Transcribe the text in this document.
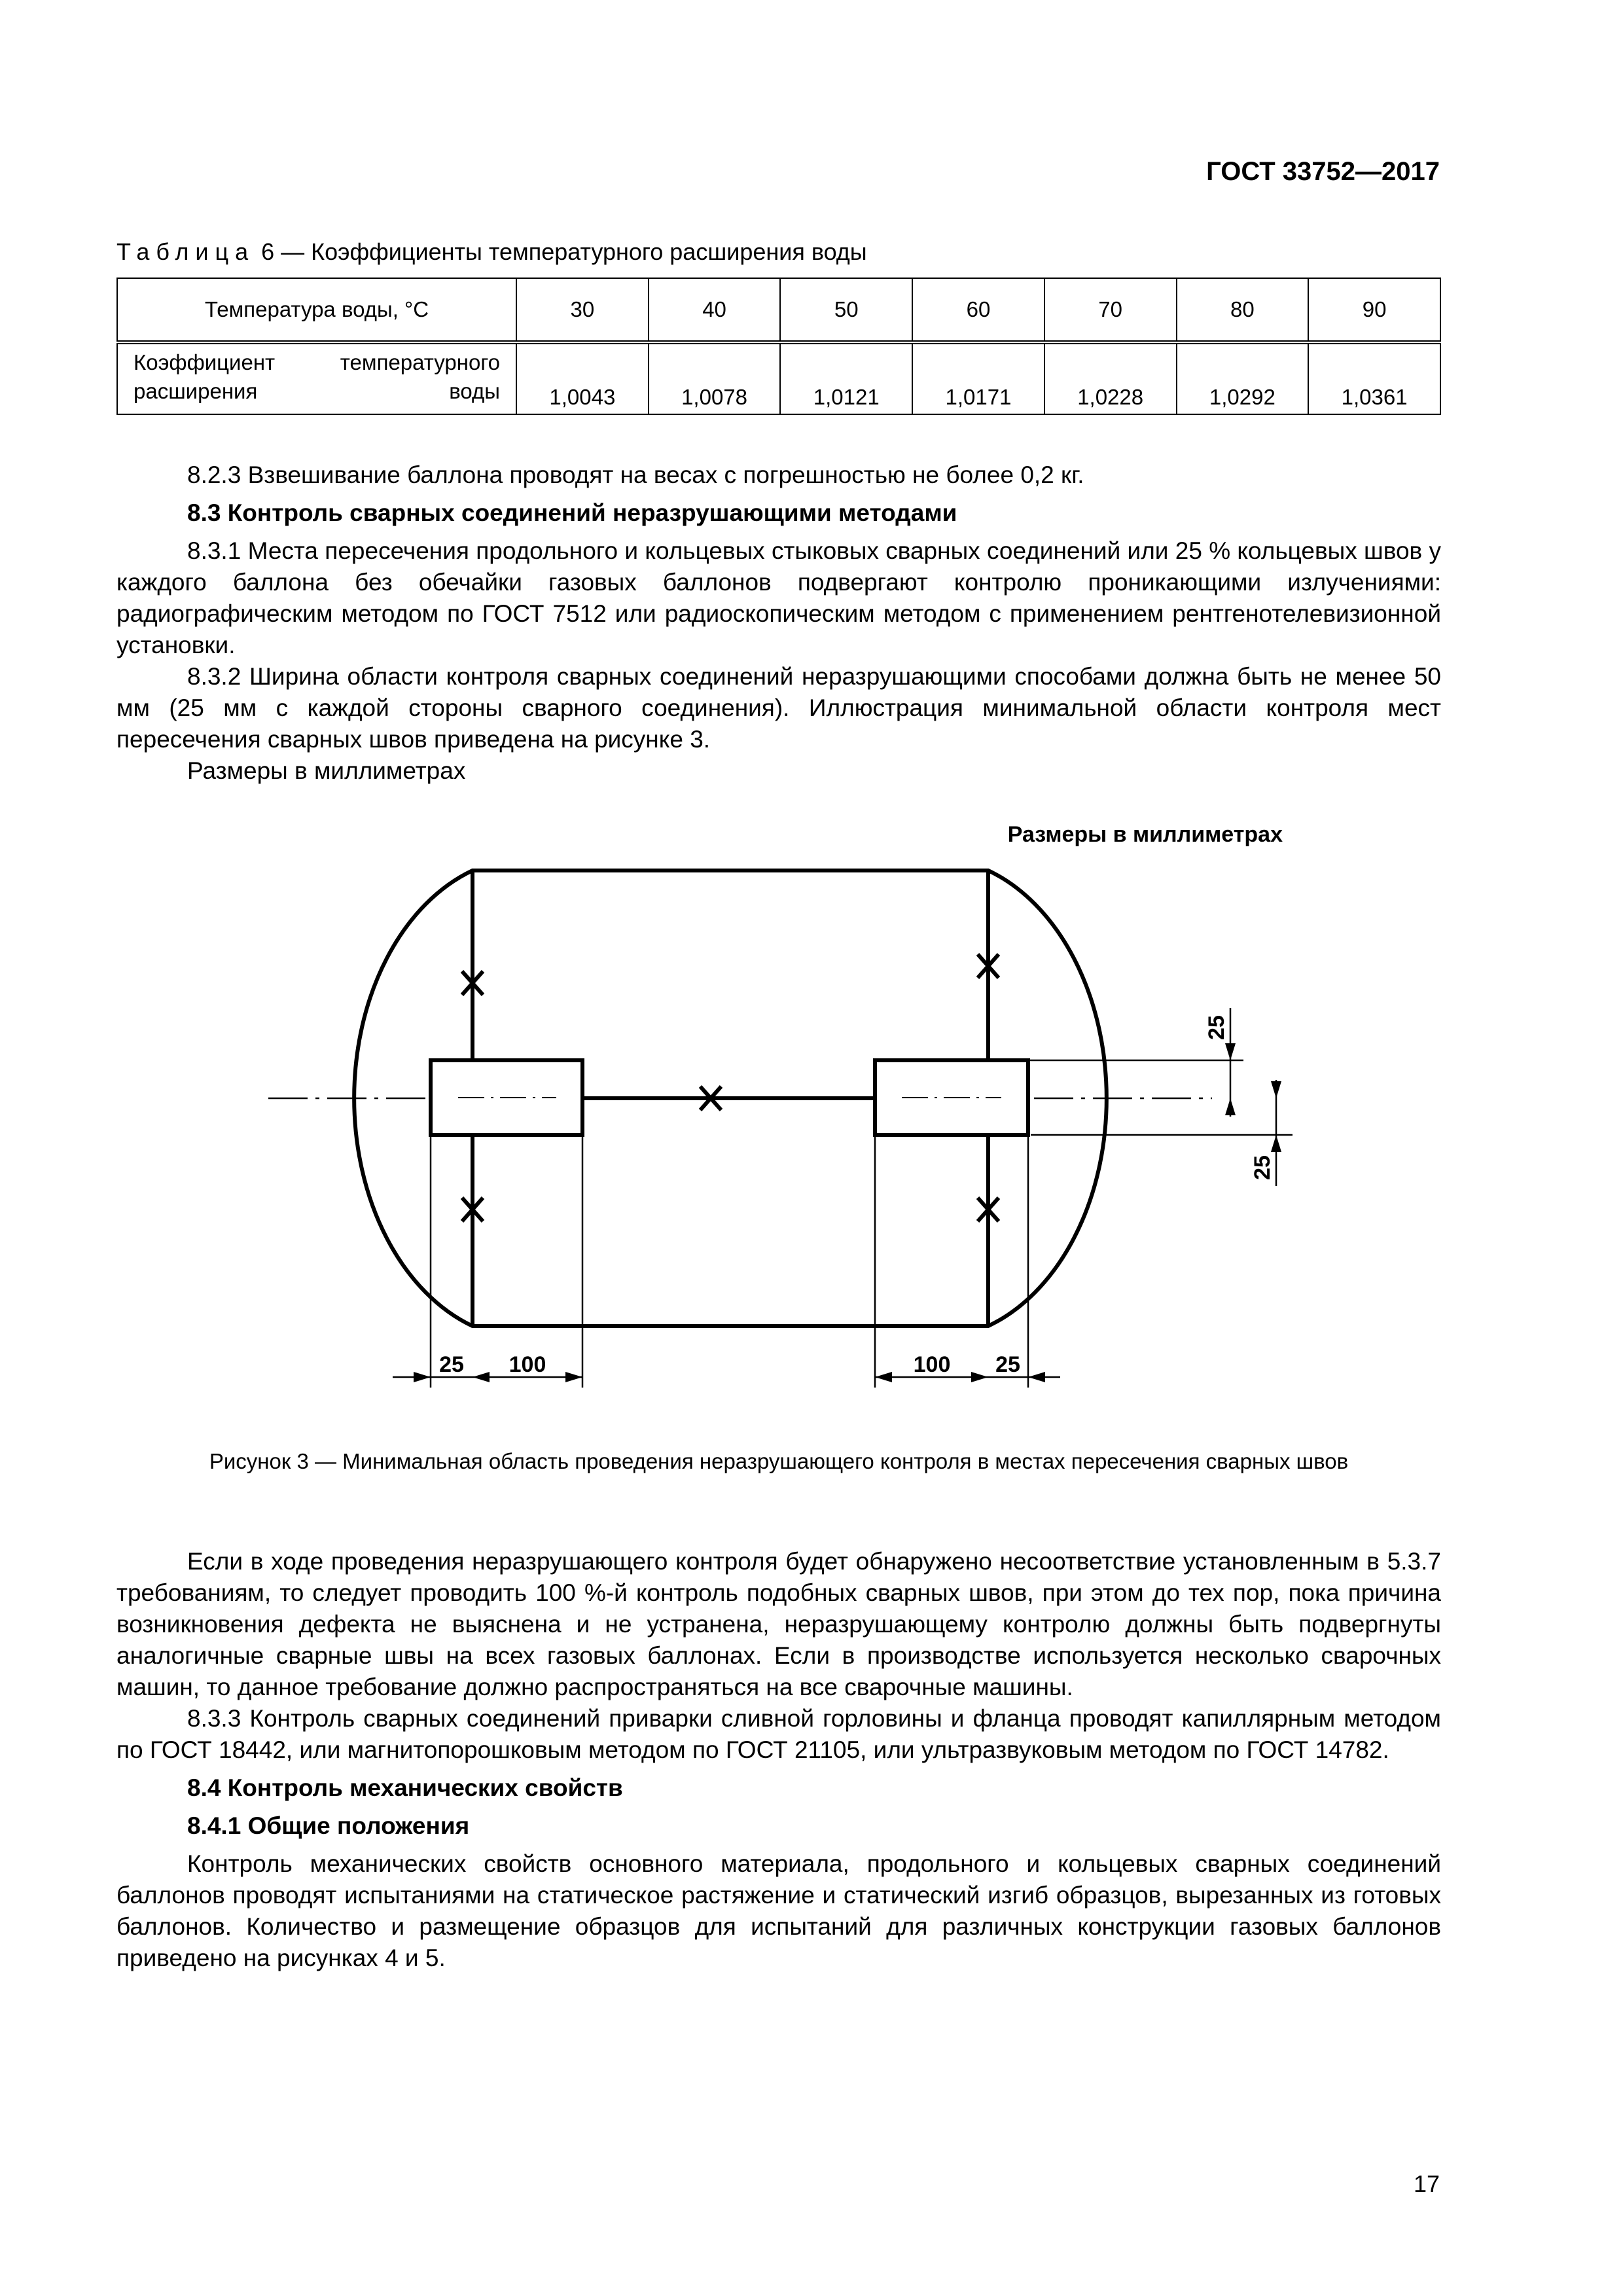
ГОСТ 33752—2017
Таблица 6 — Коэффициенты температурного расширения воды
Температура воды, °C	30	40	50	60	70	80	90
Коэффициент температурного расширения воды	1,0043	1,0078	1,0121	1,0171	1,0228	1,0292	1,0361

8.2.3 Взвешивание баллона проводят на весах с погрешностью не более 0,2 кг.

8.3 Контроль сварных соединений неразрушающими методами

8.3.1 Места пересечения продольного и кольцевых стыковых сварных соединений или 25 % кольцевых швов у каждого баллона без обечайки газовых баллонов подвергают контролю проникающими излучениями: радиографическим методом по ГОСТ 7512 или радиоскопическим методом с применением рентгенотелевизионной установки.

8.3.2 Ширина области контроля сварных соединений неразрушающими способами должна быть не менее 50 мм (25 мм с каждой стороны сварного соединения). Иллюстрация минимальной области контроля мест пересечения сварных швов приведена на рисунке 3.

Размеры в миллиметрах

Размеры в миллиметрах
25
25
25 100	100 25
Рисунок 3 — Минимальная область проведения неразрушающего контроля в местах пересечения сварных швов

Если в ходе проведения неразрушающего контроля будет обнаружено несоответствие установленным в 5.3.7 требованиям, то следует проводить 100 %-й контроль подобных сварных швов, при этом до тех пор, пока причина возникновения дефекта не выяснена и не устранена, неразрушающему контролю должны быть подвергнуты аналогичные сварные швы на всех газовых баллонах. Если в производстве используется несколько сварочных машин, то данное требование должно распространяться на все сварочные машины.

8.3.3 Контроль сварных соединений приварки сливной горловины и фланца проводят капиллярным методом по ГОСТ 18442, или магнитопорошковым методом по ГОСТ 21105, или ультразвуковым методом по ГОСТ 14782.

8.4 Контроль механических свойств

8.4.1 Общие положения

Контроль механических свойств основного материала, продольного и кольцевых сварных соединений баллонов проводят испытаниями на статическое растяжение и статический изгиб образцов, вырезанных из готовых баллонов. Количество и размещение образцов для испытаний для различных конструкции газовых баллонов приведено на рисунках 4 и 5.

17
